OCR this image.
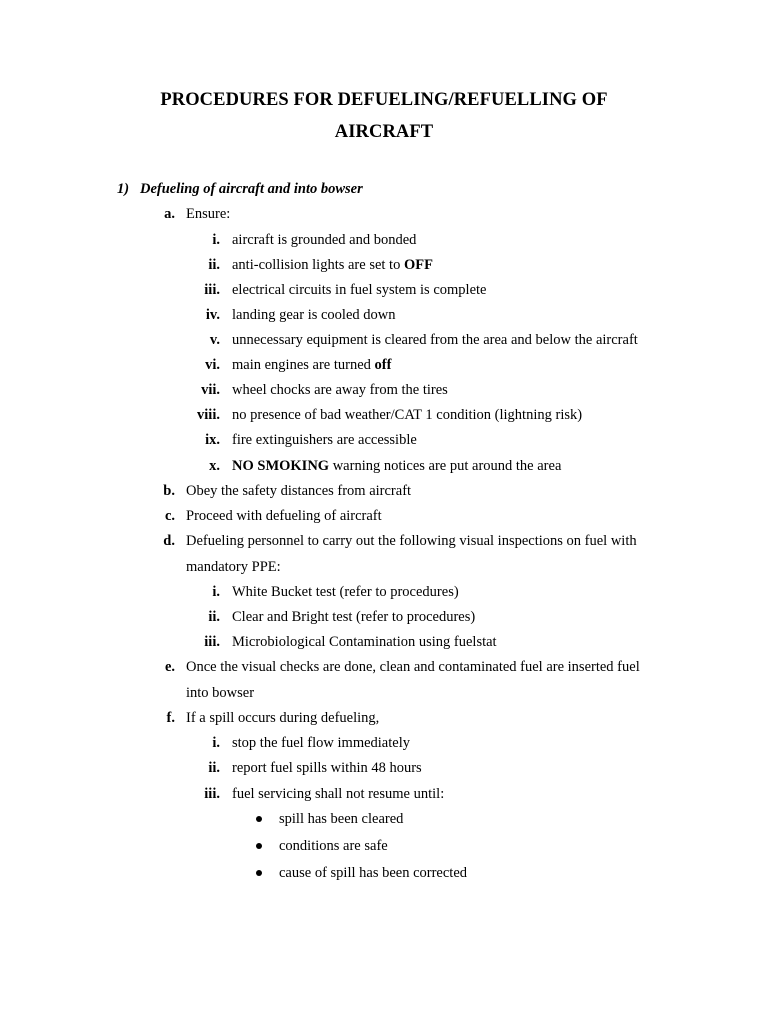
PROCEDURES FOR DEFUELING/REFUELLING OF
AIRCRAFT
1) Defueling of aircraft and into bowser
a. Ensure:
i. aircraft is grounded and bonded
ii. anti-collision lights are set to OFF
iii. electrical circuits in fuel system is complete
iv. landing gear is cooled down
v. unnecessary equipment is cleared from the area and below the aircraft
vi. main engines are turned off
vii. wheel chocks are away from the tires
viii. no presence of bad weather/CAT 1 condition (lightning risk)
ix. fire extinguishers are accessible
x. NO SMOKING warning notices are put around the area
b. Obey the safety distances from aircraft
c. Proceed with defueling of aircraft
d. Defueling personnel to carry out the following visual inspections on fuel with
mandatory PPE:
i. White Bucket test (refer to procedures)
ii. Clear and Bright test (refer to procedures)
iii. Microbiological Contamination using fuelstat
e. Once the visual checks are done, clean and contaminated fuel are inserted fuel
into bowser
f. If a spill occurs during defueling,
i. stop the fuel flow immediately
ii. report fuel spills within 48 hours
iii. fuel servicing shall not resume until:
spill has been cleared
conditions are safe
cause of spill has been corrected
